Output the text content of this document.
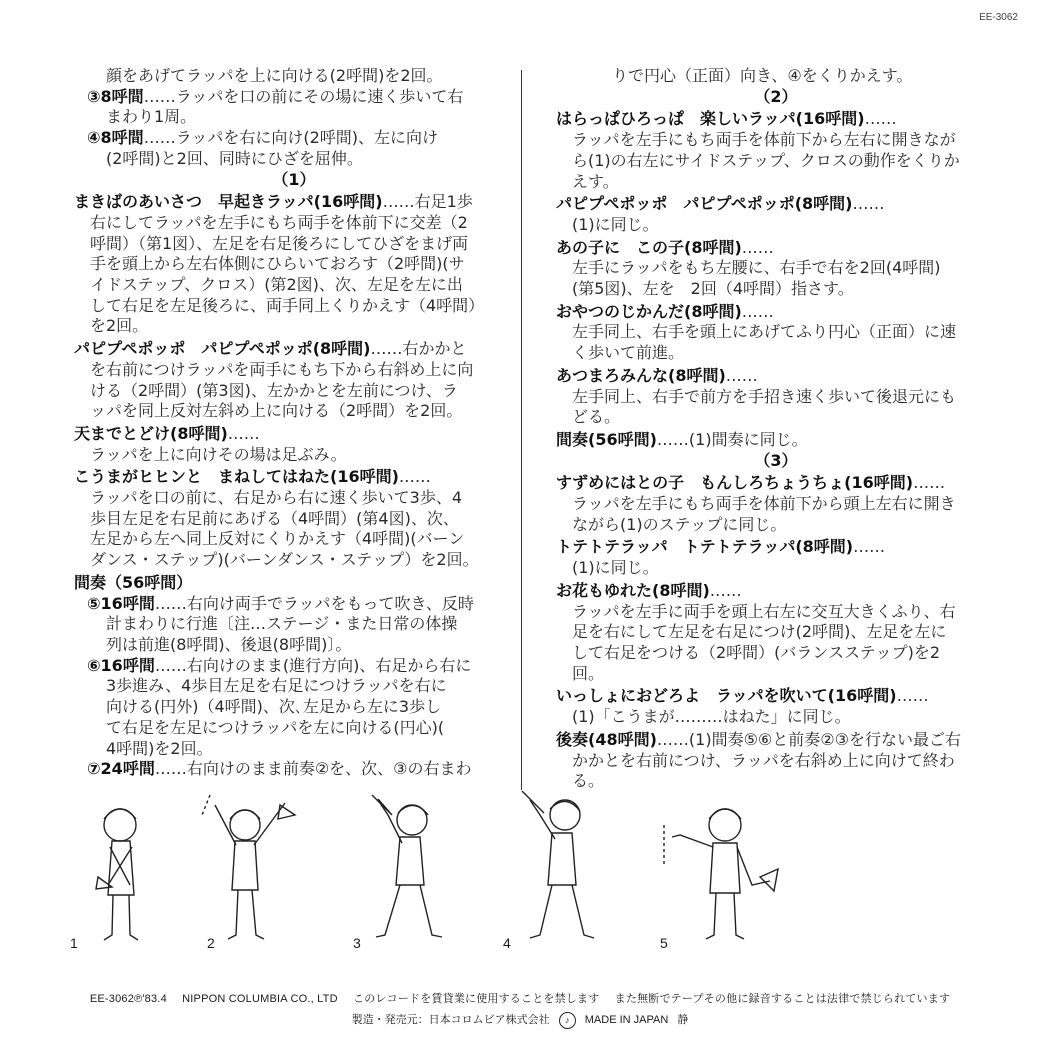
EE-3062
顔をあげてラッパを上に向ける(2呼間)を2回。
③8呼間……ラッパを口の前にその場に速く歩いて右
まわり1周。
④8呼間……ラッパを右に向け(2呼間)、左に向け
(2呼間)と2回、同時にひざを屈伸。
（1）
まきばのあいさつ　早起きラッパ(16呼間)……右足1歩
右にしてラッパを左手にもち両手を体前下に交差（2
呼間）（第1図）、左足を右足後ろにしてひざをまげ両
手を頭上から左右体側にひらいておろす（2呼間)(サ
イドステップ、クロス）(第2図)、次、左足を左に出
して右足を左足後ろに、両手同上くりかえす（4呼間）
を2回。
パピプペポッポ　パピプペポッポ(8呼間)……右かかと
を右前につけラッパを両手にもち下から右斜め上に向
ける（2呼間）(第3図)、左かかとを左前につけ、ラ
ッパを同上反対左斜め上に向ける（2呼間）を2回。
天までとどけ(8呼間)……
ラッパを上に向けその場は足ぶみ。
こうまがヒヒンと　まねしてはねた(16呼間)……
ラッパを口の前に、右足から右に速く歩いて3歩、4
歩目左足を右足前にあげる（4呼間）(第4図)、次、
左足から左へ同上反対にくりかえす（4呼間)(バーン
ダンス・ステップ)(バーンダンス・ステップ）を2回。
間奏（56呼間）
⑤16呼間……右向け両手でラッパをもって吹き、反時
計まわりに行進〔注…ステージ・また日常の体操
列は前進(8呼間)、後退(8呼間)〕。
⑥16呼間……右向けのまま(進行方向)、右足から右に
3歩進み、4歩目左足を右足につけラッパを右に
向ける(円外)（4呼間)、次､左足から左に3歩し
て右足を左足につけラッパを左に向ける(円心)(
4呼間)を2回。
⑦24呼間……右向けのまま前奏②を、次、③の右まわ
りで円心（正面）向き、④をくりかえす。
（2）
はらっぱひろっぱ　楽しいラッパ(16呼間)……
ラッパを左手にもち両手を体前下から左右に開きなが
ら(1)の右左にサイドステップ、クロスの動作をくりか
えす。
パピプペポッポ　パピプペポッポ(8呼間)……
(1)に同じ。
あの子に　この子(8呼間)……
左手にラッパをもち左腰に、右手で右を2回(4呼間)
(第5図)、左を　2回（4呼間）指さす。
おやつのじかんだ(8呼間)……
左手同上、右手を頭上にあげてふり円心（正面）に速
く歩いて前進。
あつまろみんな(8呼間)……
左手同上、右手で前方を手招き速く歩いて後退元にも
どる。
間奏(56呼間)……(1)間奏に同じ。
（3）
すずめにはとの子　もんしろちょうちょ(16呼間)……
ラッパを左手にもち両手を体前下から頭上左右に開き
ながら(1)のステップに同じ。
トテトテラッパ　トテトテラッパ(8呼間)……
(1)に同じ。
お花もゆれた(8呼間)……
ラッパを左手に両手を頭上右左に交互大きくふり、右
足を右にして左足を右足につけ(2呼間)、左足を左に
して右足をつける（2呼間）(バランスステップ)を2
回。
いっしょにおどろよ　ラッパを吹いて(16呼間)……
(1)「こうまが………はねた」に同じ。
後奏(48呼間)……(1)間奏⑤⑥と前奏②③を行ない最ご右
かかとを右前につけ、ラッパを右斜め上に向けて終わ
る。
1	2	3	4	5
EE-3062℗'83.4 NIPPON COLUMBIA CO., LTD このレコードを賃貸業に使用することを禁します また無断でテープその他に録音することは法律で禁じられています
製造・発売元：日本コロムビア株式会社 ♪ MADE IN JAPAN 静
